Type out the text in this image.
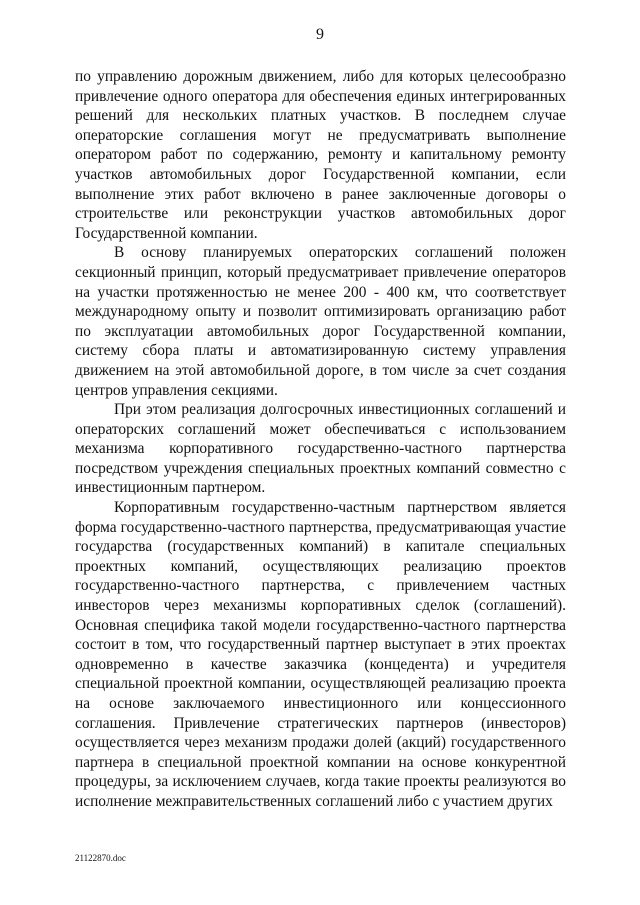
9

по управлению дорожным движением, либо для которых целесообразно привлечение одного оператора для обеспечения единых интегрированных решений для нескольких платных участков. В последнем случае операторские соглашения могут не предусматривать выполнение оператором работ по содержанию, ремонту и капитальному ремонту участков автомобильных дорог Государственной компании, если выполнение этих работ включено в ранее заключенные договоры о строительстве или реконструкции участков автомобильных дорог Государственной компании.

В основу планируемых операторских соглашений положен секционный принцип, который предусматривает привлечение операторов на участки протяженностью не менее 200 - 400 км, что соответствует международному опыту и позволит оптимизировать организацию работ по эксплуатации автомобильных дорог Государственной компании, систему сбора платы и автоматизированную систему управления движением на этой автомобильной дороге, в том числе за счет создания центров управления секциями.

При этом реализация долгосрочных инвестиционных соглашений и операторских соглашений может обеспечиваться с использованием механизма корпоративного государственно-частного партнерства посредством учреждения специальных проектных компаний совместно с инвестиционным партнером.

Корпоративным государственно-частным партнерством является форма государственно-частного партнерства, предусматривающая участие государства (государственных компаний) в капитале специальных проектных компаний, осуществляющих реализацию проектов государственно-частного партнерства, с привлечением частных инвесторов через механизмы корпоративных сделок (соглашений). Основная специфика такой модели государственно-частного партнерства состоит в том, что государственный партнер выступает в этих проектах одновременно в качестве заказчика (концедента) и учредителя специальной проектной компании, осуществляющей реализацию проекта на основе заключаемого инвестиционного или концессионного соглашения. Привлечение стратегических партнеров (инвесторов) осуществляется через механизм продажи долей (акций) государственного партнера в специальной проектной компании на основе конкурентной процедуры, за исключением случаев, когда такие проекты реализуются во исполнение межправительственных соглашений либо с участием других

21122870.doc
